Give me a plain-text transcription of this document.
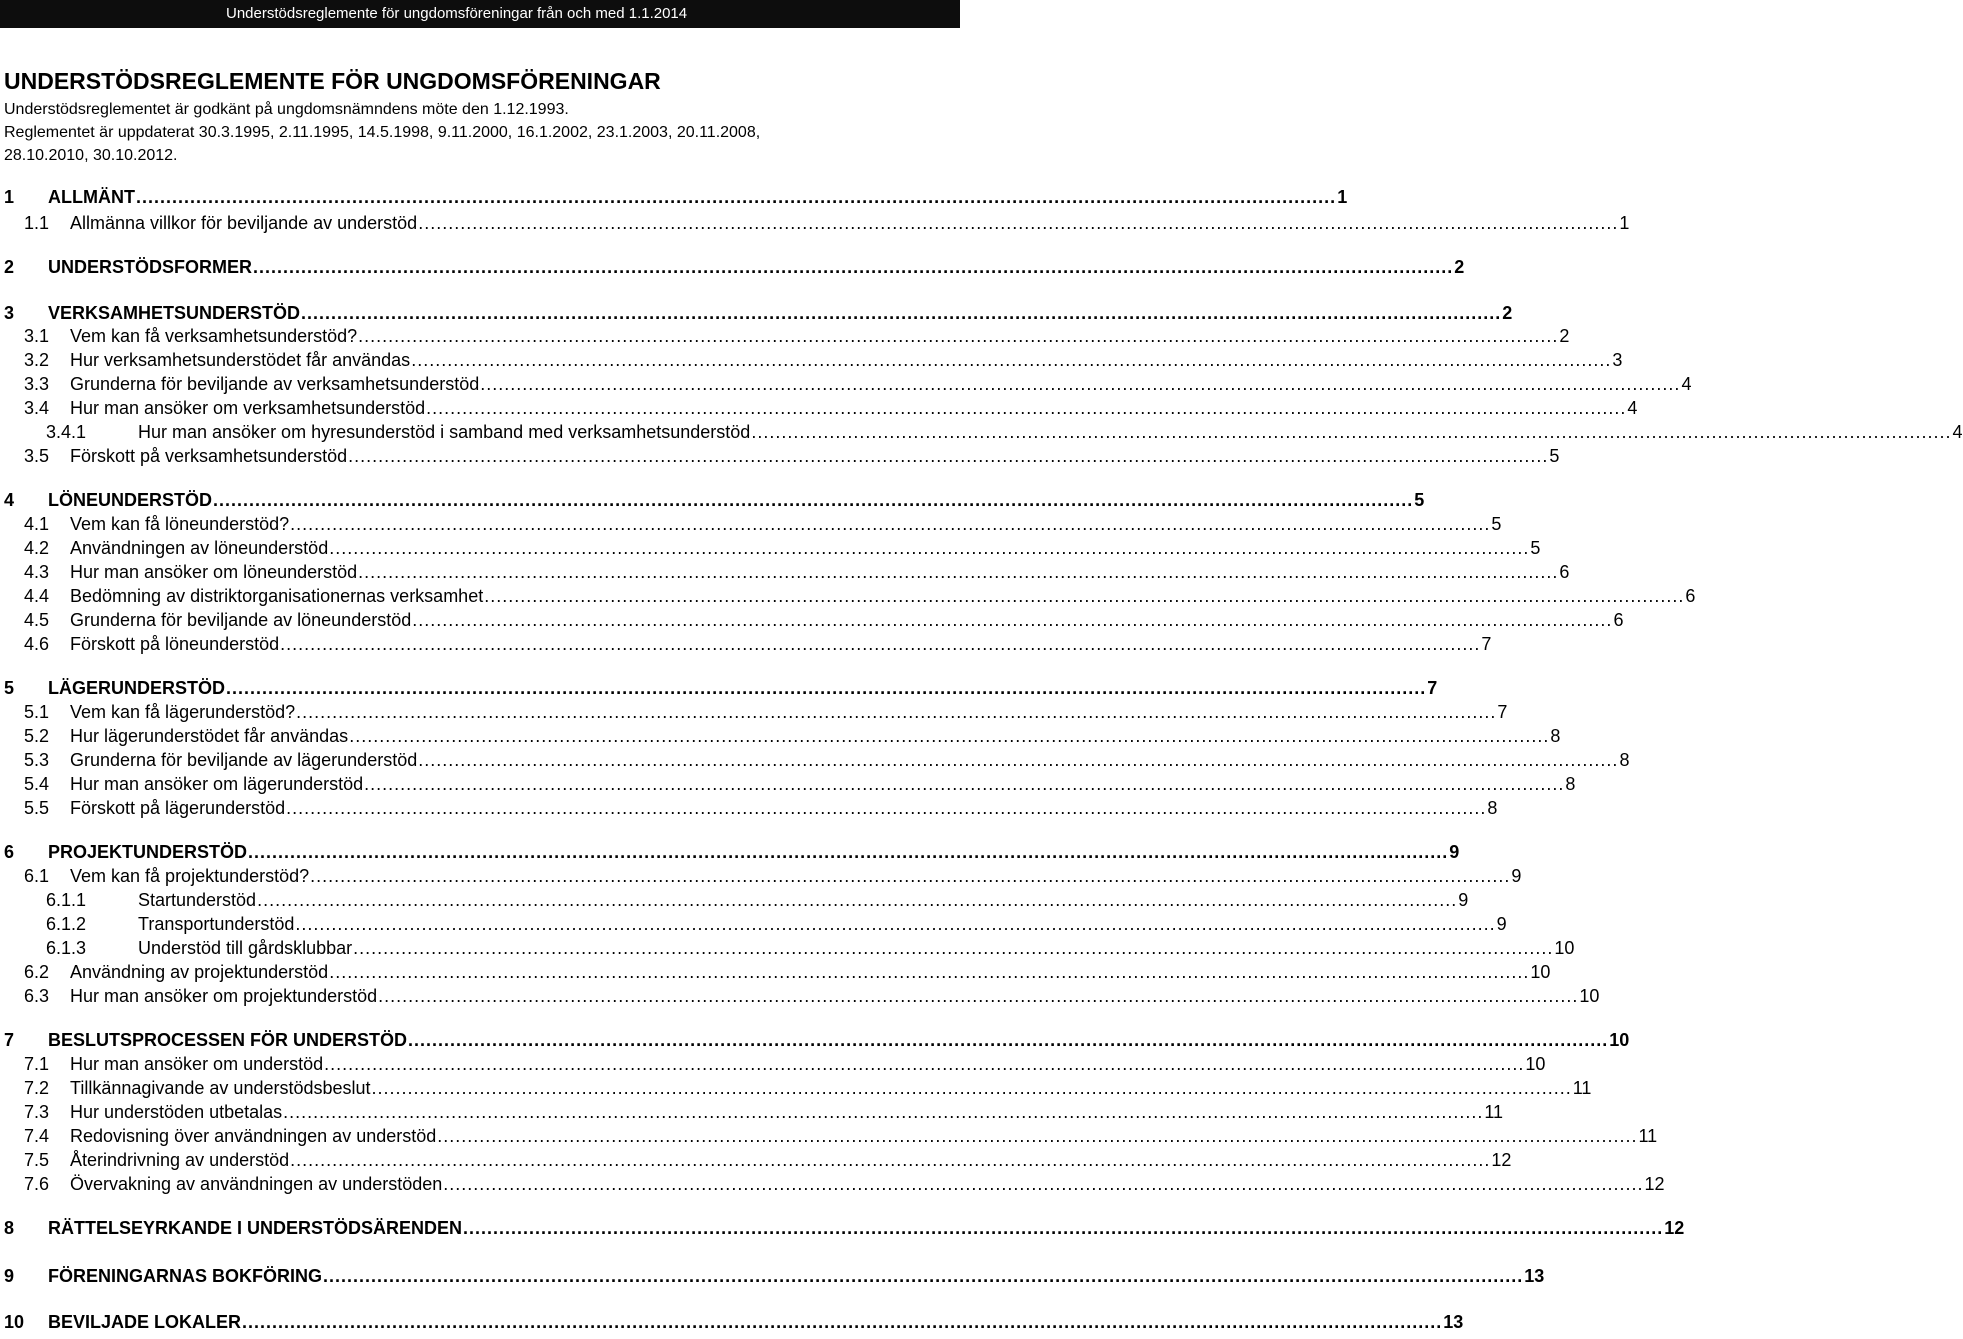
Understödsreglemente för ungdomsföreningar från och med 1.1.2014
UNDERSTÖDSREGLEMENTE FÖR UNGDOMSFÖRENINGAR
Understödsreglementet är godkänt på ungdomsnämndens möte den 1.12.1993.
Reglementet är uppdaterat 30.3.1995, 2.11.1995, 14.5.1998, 9.11.2000, 16.1.2002, 23.1.2003, 20.11.2008,
28.10.2010, 30.10.2012.
1 ALLMÄNT ........................................................................................................................................................................................................ 1
1.1 Allmänna villkor för beviljande av understöd ........................................................................................................................................................................................................ 1
2 UNDERSTÖDSFORMER ........................................................................................................................................................................................................ 2
3 VERKSAMHETSUNDERSTÖD ........................................................................................................................................................................................................ 2
3.1 Vem kan få verksamhetsunderstöd? ........................................................................................................................................................................................................ 2
3.2 Hur verksamhetsunderstödet får användas ........................................................................................................................................................................................................ 3
3.3 Grunderna för beviljande av verksamhetsunderstöd ........................................................................................................................................................................................................ 4
3.4 Hur man ansöker om verksamhetsunderstöd ........................................................................................................................................................................................................ 4
3.4.1	Hur man ansöker om hyresunderstöd i samband med verksamhetsunderstöd ........................................................................................................................................................................................................ 4
3.5 Förskott på verksamhetsunderstöd ........................................................................................................................................................................................................ 5
4 LÖNEUNDERSTÖD ........................................................................................................................................................................................................ 5
4.1 Vem kan få löneunderstöd? ........................................................................................................................................................................................................ 5
4.2 Användningen av löneunderstöd ........................................................................................................................................................................................................ 5
4.3 Hur man ansöker om löneunderstöd ........................................................................................................................................................................................................ 6
4.4 Bedömning av distriktorganisationernas verksamhet ........................................................................................................................................................................................................ 6
4.5 Grunderna för beviljande av löneunderstöd ........................................................................................................................................................................................................ 6
4.6 Förskott på löneunderstöd ........................................................................................................................................................................................................ 7
5 LÄGERUNDERSTÖD ........................................................................................................................................................................................................ 7
5.1 Vem kan få lägerunderstöd? ........................................................................................................................................................................................................ 7
5.2 Hur lägerunderstödet får användas ........................................................................................................................................................................................................ 8
5.3 Grunderna för beviljande av lägerunderstöd ........................................................................................................................................................................................................ 8
5.4 Hur man ansöker om lägerunderstöd ........................................................................................................................................................................................................ 8
5.5 Förskott på lägerunderstöd ........................................................................................................................................................................................................ 8
6 PROJEKTUNDERSTÖD ........................................................................................................................................................................................................ 9
6.1 Vem kan få projektunderstöd? ........................................................................................................................................................................................................ 9
6.1.1	Startunderstöd ........................................................................................................................................................................................................ 9
6.1.2	Transportunderstöd ........................................................................................................................................................................................................ 9
6.1.3	Understöd till gårdsklubbar ........................................................................................................................................................................................................ 10
6.2 Användning av projektunderstöd ........................................................................................................................................................................................................ 10
6.3 Hur man ansöker om projektunderstöd ........................................................................................................................................................................................................ 10
7 BESLUTSPROCESSEN FÖR UNDERSTÖD ........................................................................................................................................................................................................ 10
7.1 Hur man ansöker om understöd ........................................................................................................................................................................................................ 10
7.2 Tillkännagivande av understödsbeslut ........................................................................................................................................................................................................ 11
7.3 Hur understöden utbetalas ........................................................................................................................................................................................................ 11
7.4 Redovisning över användningen av understöd ........................................................................................................................................................................................................ 11
7.5 Återindrivning av understöd ........................................................................................................................................................................................................ 12
7.6 Övervakning av användningen av understöden ........................................................................................................................................................................................................ 12
8 RÄTTELSEYRKANDE I UNDERSTÖDSÄRENDEN ........................................................................................................................................................................................................ 12
9 FÖRENINGARNAS BOKFÖRING ........................................................................................................................................................................................................ 13
10 BEVILJADE LOKALER ........................................................................................................................................................................................................ 13
